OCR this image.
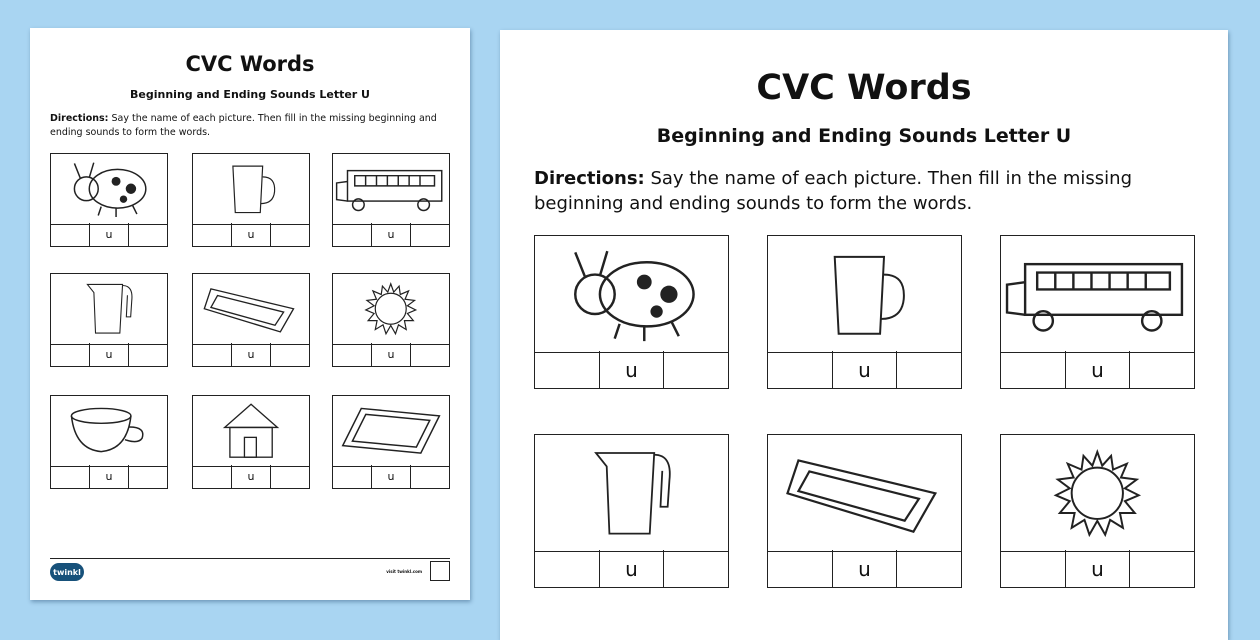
CVC Words
Beginning and Ending Sounds Letter U
Directions: Say the name of each picture. Then fill in the missing beginning and ending sounds to form the words.
u	u	u
u	u	u
u	u	u
twinkl	visit twinkl.com
CVC Words
Beginning and Ending Sounds Letter U
Directions: Say the name of each picture. Then fill in the missing beginning and ending sounds to form the words.
u	u	u
u	u	u
